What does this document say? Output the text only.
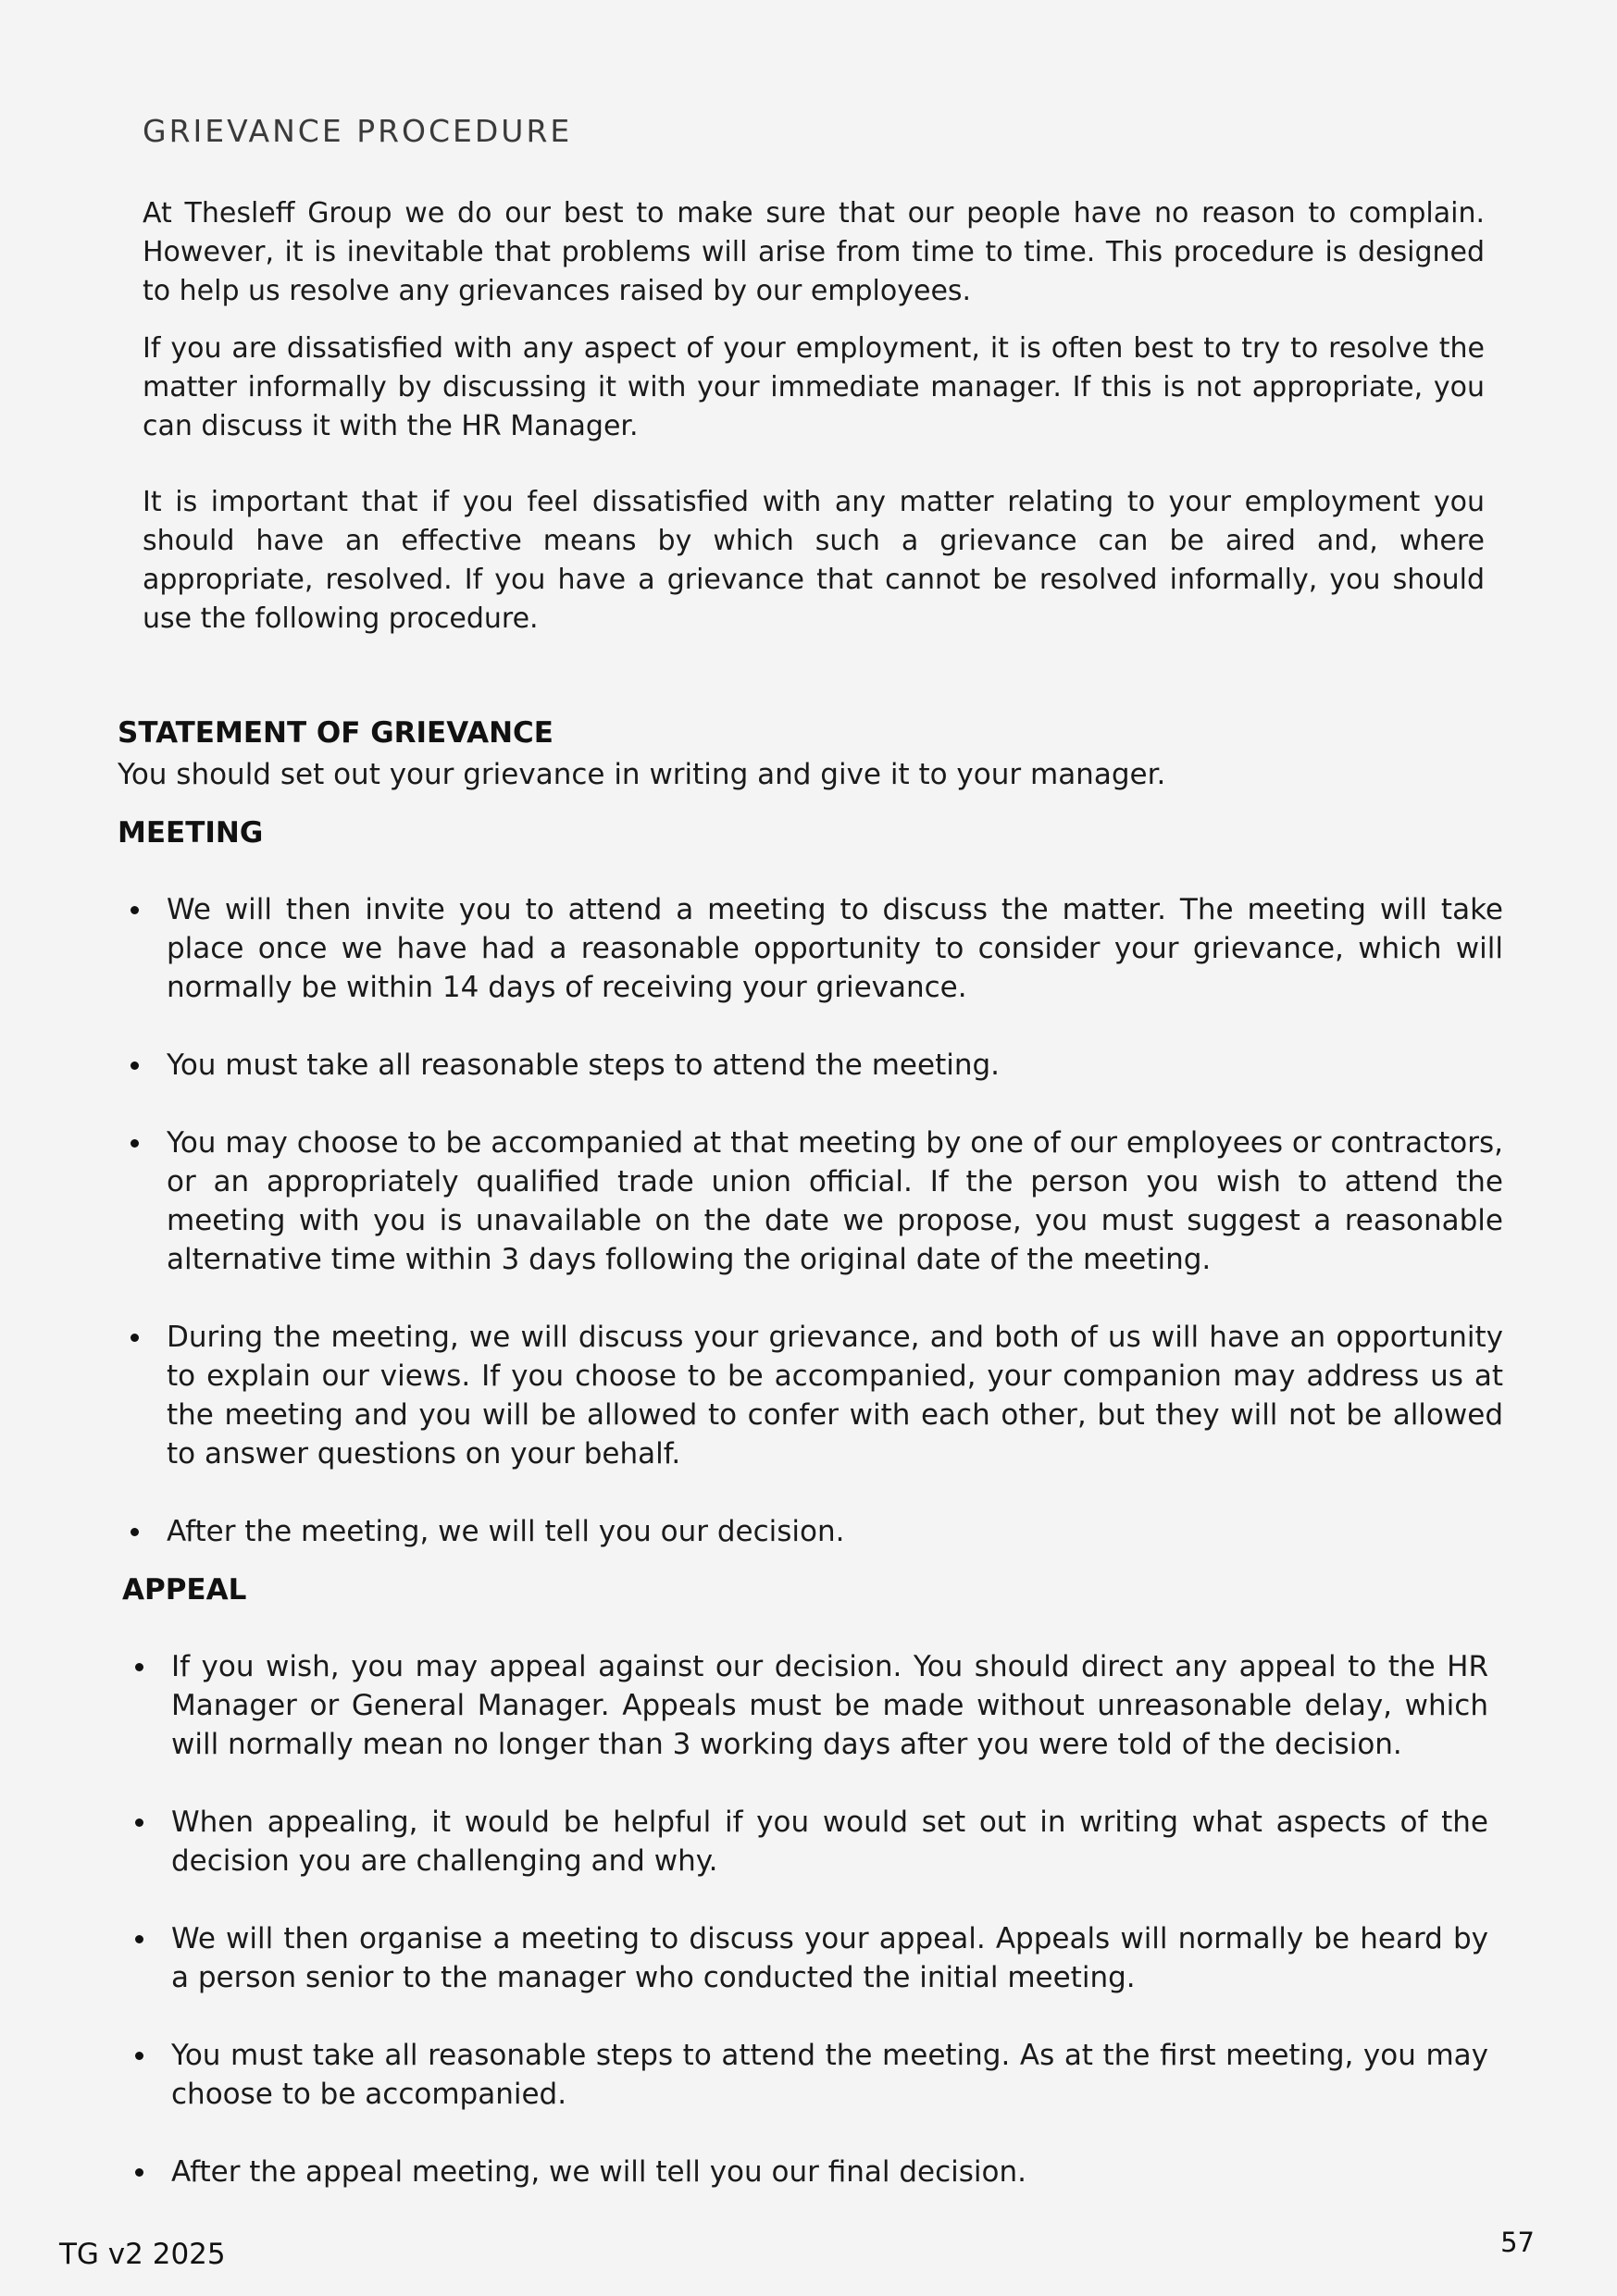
GRIEVANCE PROCEDURE

At Thesleff Group we do our best to make sure that our people have no reason to complain. However, it is inevitable that problems will arise from time to time. This procedure is designed to help us resolve any grievances raised by our employees.

If you are dissatisfied with any aspect of your employment, it is often best to try to resolve the matter informally by discussing it with your immediate manager. If this is not appropriate, you can discuss it with the HR Manager.

It is important that if you feel dissatisfied with any matter relating to your employment you should have an effective means by which such a grievance can be aired and, where appropriate, resolved. If you have a grievance that cannot be resolved informally, you should use the following procedure.

STATEMENT OF GRIEVANCE

You should set out your grievance in writing and give it to your manager.

MEETING
We will then invite you to attend a meeting to discuss the matter. The meeting will take place once we have had a reasonable opportunity to consider your grievance, which will normally be within 14 days of receiving your grievance.
You must take all reasonable steps to attend the meeting.
You may choose to be accompanied at that meeting by one of our employees or contractors, or an appropriately qualified trade union official. If the person you wish to attend the meeting with you is unavailable on the date we propose, you must suggest a reasonable alternative time within 3 days following the original date of the meeting.
During the meeting, we will discuss your grievance, and both of us will have an opportunity to explain our views. If you choose to be accompanied, your companion may address us at the meeting and you will be allowed to confer with each other, but they will not be allowed to answer questions on your behalf.
After the meeting, we will tell you our decision.
APPEAL
If you wish, you may appeal against our decision. You should direct any appeal to the HR Manager or General Manager. Appeals must be made without unreasonable delay, which will normally mean no longer than 3 working days after you were told of the decision.
When appealing, it would be helpful if you would set out in writing what aspects of the decision you are challenging and why.
We will then organise a meeting to discuss your appeal. Appeals will normally be heard by a person senior to the manager who conducted the initial meeting.
You must take all reasonable steps to attend the meeting. As at the first meeting, you may choose to be accompanied.
After the appeal meeting, we will tell you our final decision.
TG v2 2025	57
